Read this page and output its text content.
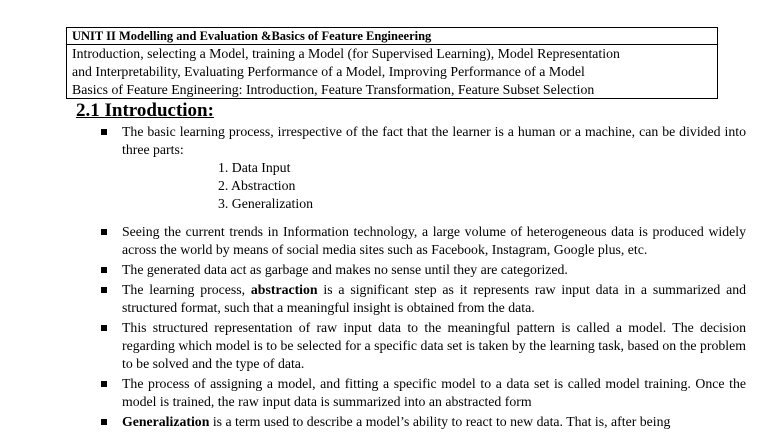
UNIT II Modelling and Evaluation &Basics of Feature Engineering
Introduction, selecting a Model, training a Model (for Supervised Learning), Model Representation
and Interpretability, Evaluating Performance of a Model, Improving Performance of a Model
Basics of Feature Engineering: Introduction, Feature Transformation, Feature Subset Selection
2.1 Introduction:
The basic learning process, irrespective of the fact that the learner is a human or a machine, can be divided into three parts:
1. Data Input
2. Abstraction
3. Generalization
Seeing the current trends in Information technology, a large volume of heterogeneous data is produced widely across the world by means of social media sites such as Facebook, Instagram, Google plus, etc.
The generated data act as garbage and makes no sense until they are categorized.
The learning process, abstraction is a significant step as it represents raw input data in a summarized and structured format, such that a meaningful insight is obtained from the data.
This structured representation of raw input data to the meaningful pattern is called a model. The decision regarding which model is to be selected for a specific data set is taken by the learning task, based on the problem to be solved and the type of data.
The process of assigning a model, and fitting a specific model to a data set is called model training. Once the model is trained, the raw input data is summarized into an abstracted form
Generalization is a term used to describe a model’s ability to react to new data. That is, after being
